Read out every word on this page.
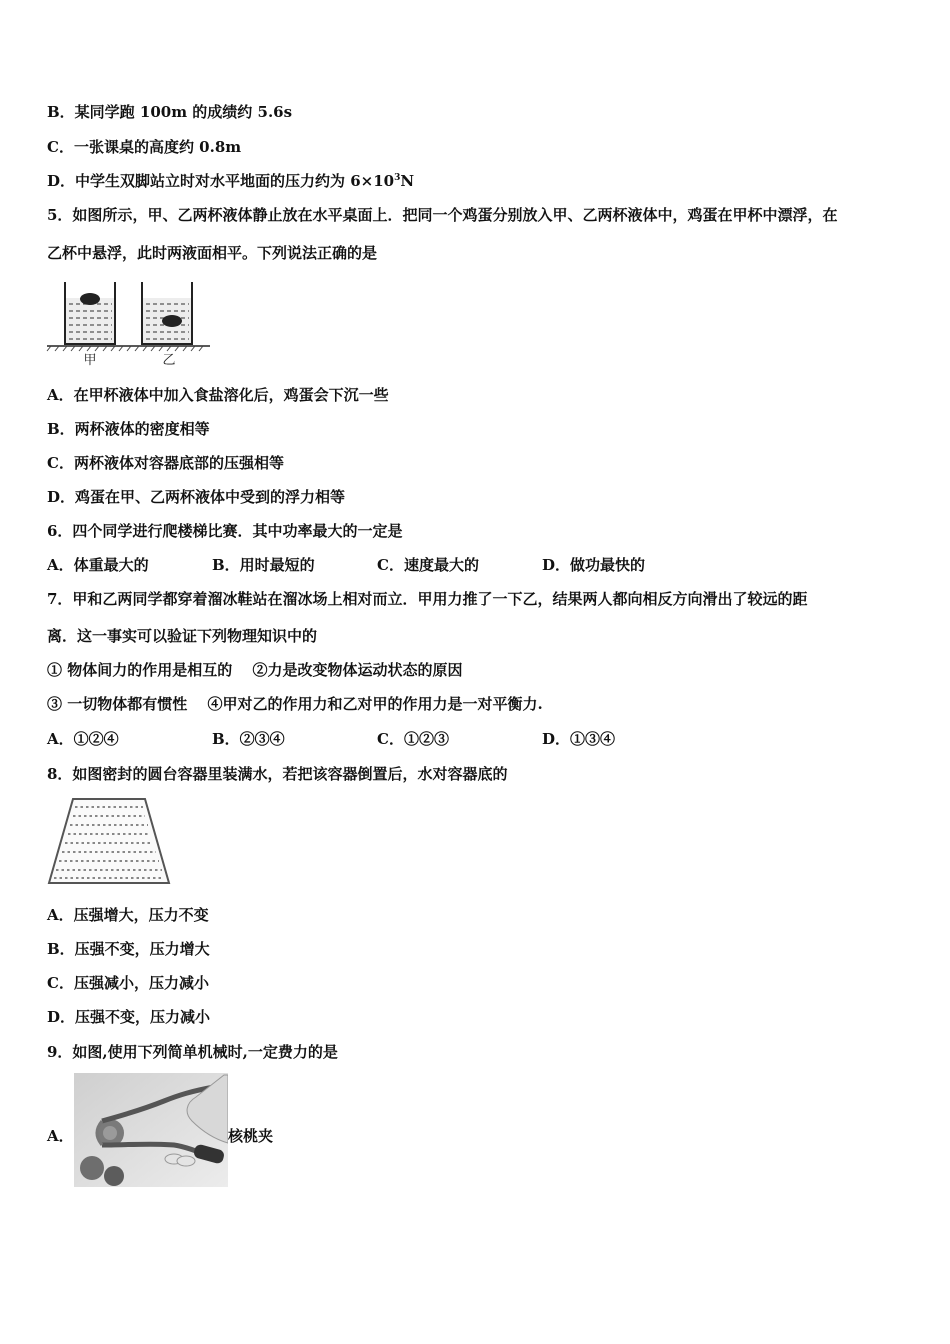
B．某同学跑 100m 的成绩约 5.6s
C．一张课桌的高度约 0.8m
D．中学生双脚站立时对水平地面的压力约为 $6\times 10^3N$
5．如图所示，甲、乙两杯液体静止放在水平桌面上．把同一个鸡蛋分别放入甲、乙两杯液体中，鸡蛋在甲杯中漂浮，在
乙杯中悬浮，此时两液面相平。下列说法正确的是
甲	乙
A．在甲杯液体中加入食盐溶化后，鸡蛋会下沉一些
B．两杯液体的密度相等
C．两杯液体对容器底部的压强相等
D．鸡蛋在甲、乙两杯液体中受到的浮力相等
6．四个同学进行爬楼梯比赛．其中功率最大的一定是
A．体重最大的	B．用时最短的	C．速度最大的	D．做功最快的
7．甲和乙两同学都穿着溜冰鞋站在溜冰场上相对而立．甲用力推了一下乙，结果两人都向相反方向滑出了较远的距
离．这一事实可以验证下列物理知识中的
① 物体间力的作用是相互的　 ②力是改变物体运动状态的原因
③ 一切物体都有惯性　 ④甲对乙的作用力和乙对甲的作用力是一对平衡力.
A．①②④	B．②③④	C．①②③	D．①③④
8．如图密封的圆台容器里装满水，若把该容器倒置后，水对容器底的
A．压强增大，压力不变
B．压强不变，压力增大
C．压强减小，压力减小
D．压强不变，压力减小
9．如图,使用下列简单机械时,一定费力的是
A．	核桃夹
